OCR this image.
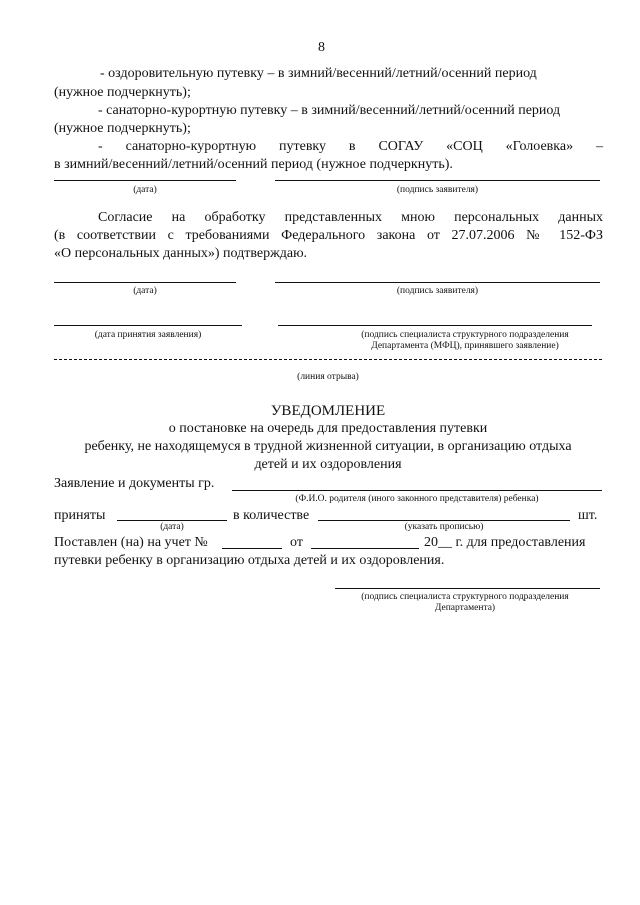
8
- оздоровительную путевку – в зимний/весенний/летний/осенний период
(нужное подчеркнуть);
- санаторно-курортную путевку – в зимний/весенний/летний/осенний период
(нужное подчеркнуть);
- санаторно-курортную путевку в СОГАУ «СОЦ «Голоевка» –
в зимний/весенний/летний/осенний период (нужное подчеркнуть).
(дата)	(подпись заявителя)
Согласие на обработку представленных мною персональных данных
(в соответствии с требованиями Федерального закона от 27.07.2006 № 152-ФЗ
«О персональных данных») подтверждаю.
(дата)	(подпись заявителя)
(дата принятия заявления)	(подпись специалиста структурного подразделения
Департамента (МФЦ), принявшего заявление)
(линия отрыва)
УВЕДОМЛЕНИЕ
о постановке на очередь для предоставления путевки
ребенку, не находящемуся в трудной жизненной ситуации, в организацию отдыха
детей и их оздоровления
Заявление и документы гр.
(Ф.И.О. родителя (иного законного представителя) ребенка)
приняты	в количестве	шт.
(дата)	(указать прописью)
Поставлен (на) на учет №	от	20__ г. для предоставления
путевки ребенку в организацию отдыха детей и их оздоровления.
(подпись специалиста структурного подразделения
Департамента)
